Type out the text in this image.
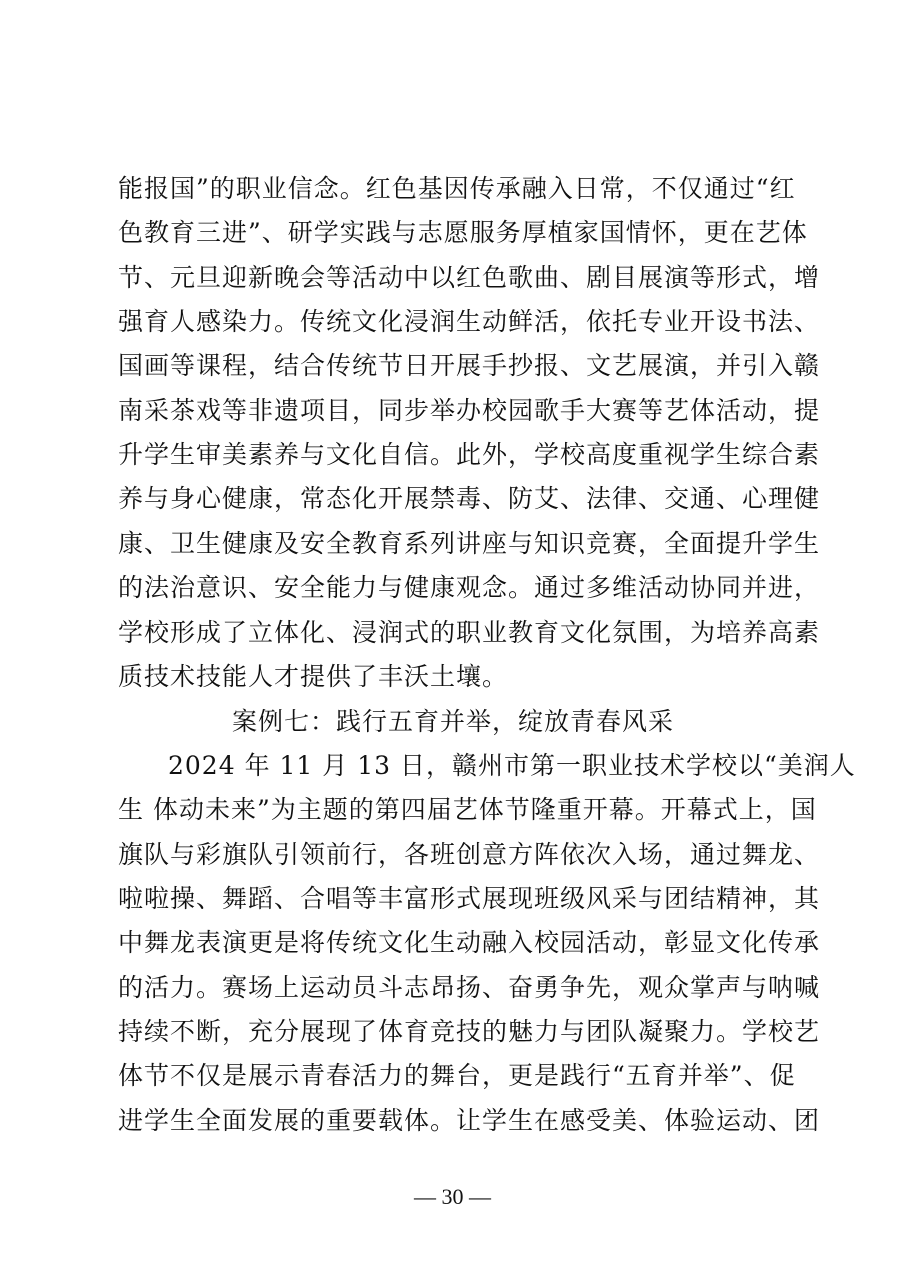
能报国”的职业信念。红色基因传承融入日常，不仅通过“红
色教育三进”、研学实践与志愿服务厚植家国情怀，更在艺体
节、元旦迎新晚会等活动中以红色歌曲、剧目展演等形式，增
强育人感染力。传统文化浸润生动鲜活，依托专业开设书法、
国画等课程，结合传统节日开展手抄报、文艺展演，并引入赣
南采茶戏等非遗项目，同步举办校园歌手大赛等艺体活动，提
升学生审美素养与文化自信。此外，学校高度重视学生综合素
养与身心健康，常态化开展禁毒、防艾、法律、交通、心理健
康、卫生健康及安全教育系列讲座与知识竞赛，全面提升学生
的法治意识、安全能力与健康观念。通过多维活动协同并进，
学校形成了立体化、浸润式的职业教育文化氛围，为培养高素
质技术技能人才提供了丰沃土壤。
案例七：践行五育并举，绽放青春风采
2024 年 11 月 13 日，赣州市第一职业技术学校以“美润人
生 体动未来”为主题的第四届艺体节隆重开幕。开幕式上，国
旗队与彩旗队引领前行，各班创意方阵依次入场，通过舞龙、
啦啦操、舞蹈、合唱等丰富形式展现班级风采与团结精神，其
中舞龙表演更是将传统文化生动融入校园活动，彰显文化传承
的活力。赛场上运动员斗志昂扬、奋勇争先，观众掌声与呐喊
持续不断，充分展现了体育竞技的魅力与团队凝聚力。学校艺
体节不仅是展示青春活力的舞台，更是践行“五育并举”、促
进学生全面发展的重要载体。让学生在感受美、体验运动、团
— 30 —
